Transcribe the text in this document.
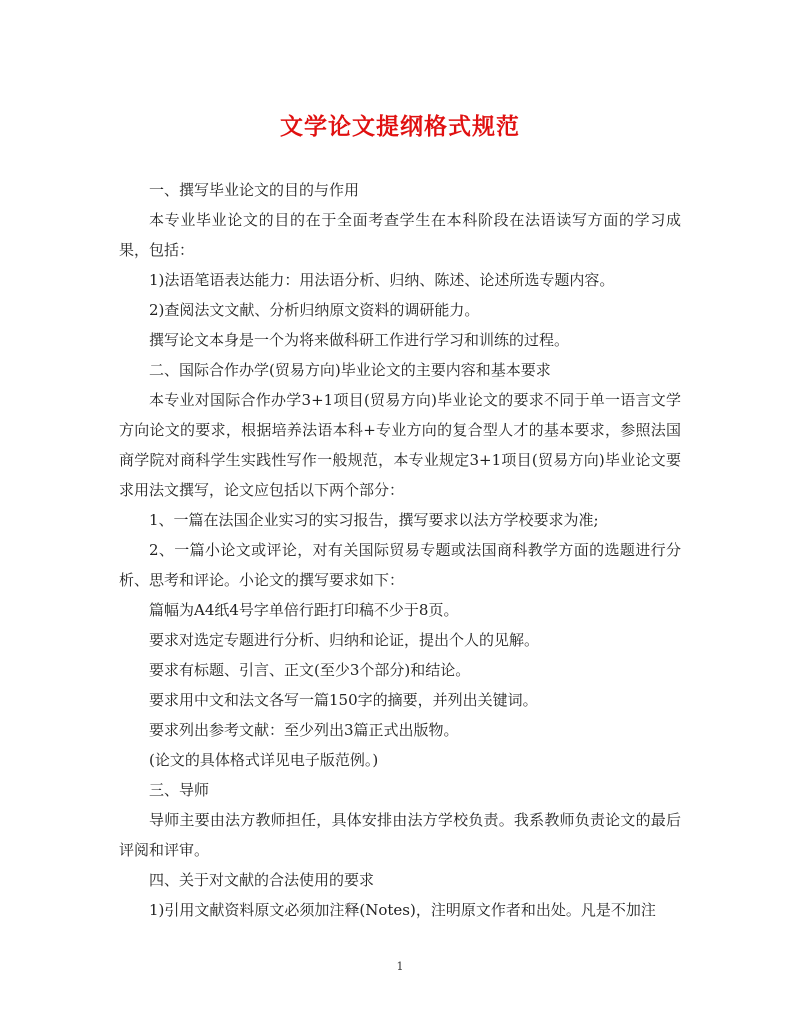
文学论文提纲格式规范

一、撰写毕业论文的目的与作用

本专业毕业论文的目的在于全面考查学生在本科阶段在法语读写方面的学习成果，包括：

1)法语笔语表达能力：用法语分析、归纳、陈述、论述所选专题内容。

2)查阅法文文献、分析归纳原文资料的调研能力。

撰写论文本身是一个为将来做科研工作进行学习和训练的过程。

二、国际合作办学(贸易方向)毕业论文的主要内容和基本要求

本专业对国际合作办学3+1项目(贸易方向)毕业论文的要求不同于单一语言文学方向论文的要求，根据培养法语本科+专业方向的复合型人才的基本要求，参照法国商学院对商科学生实践性写作一般规范，本专业规定3+1项目(贸易方向)毕业论文要求用法文撰写，论文应包括以下两个部分：

1、一篇在法国企业实习的实习报告，撰写要求以法方学校要求为准;

2、一篇小论文或评论，对有关国际贸易专题或法国商科教学方面的选题进行分析、思考和评论。小论文的撰写要求如下：

篇幅为A4纸4号字单倍行距打印稿不少于8页。

要求对选定专题进行分析、归纳和论证，提出个人的见解。

要求有标题、引言、正文(至少3个部分)和结论。

要求用中文和法文各写一篇150字的摘要，并列出关键词。

要求列出参考文献：至少列出3篇正式出版物。

(论文的具体格式详见电子版范例。)

三、导师

导师主要由法方教师担任，具体安排由法方学校负责。我系教师负责论文的最后评阅和评审。

四、关于对文献的合法使用的要求

1)引用文献资料原文必须加注释(Notes)，注明原文作者和出处。凡是不加注

1
